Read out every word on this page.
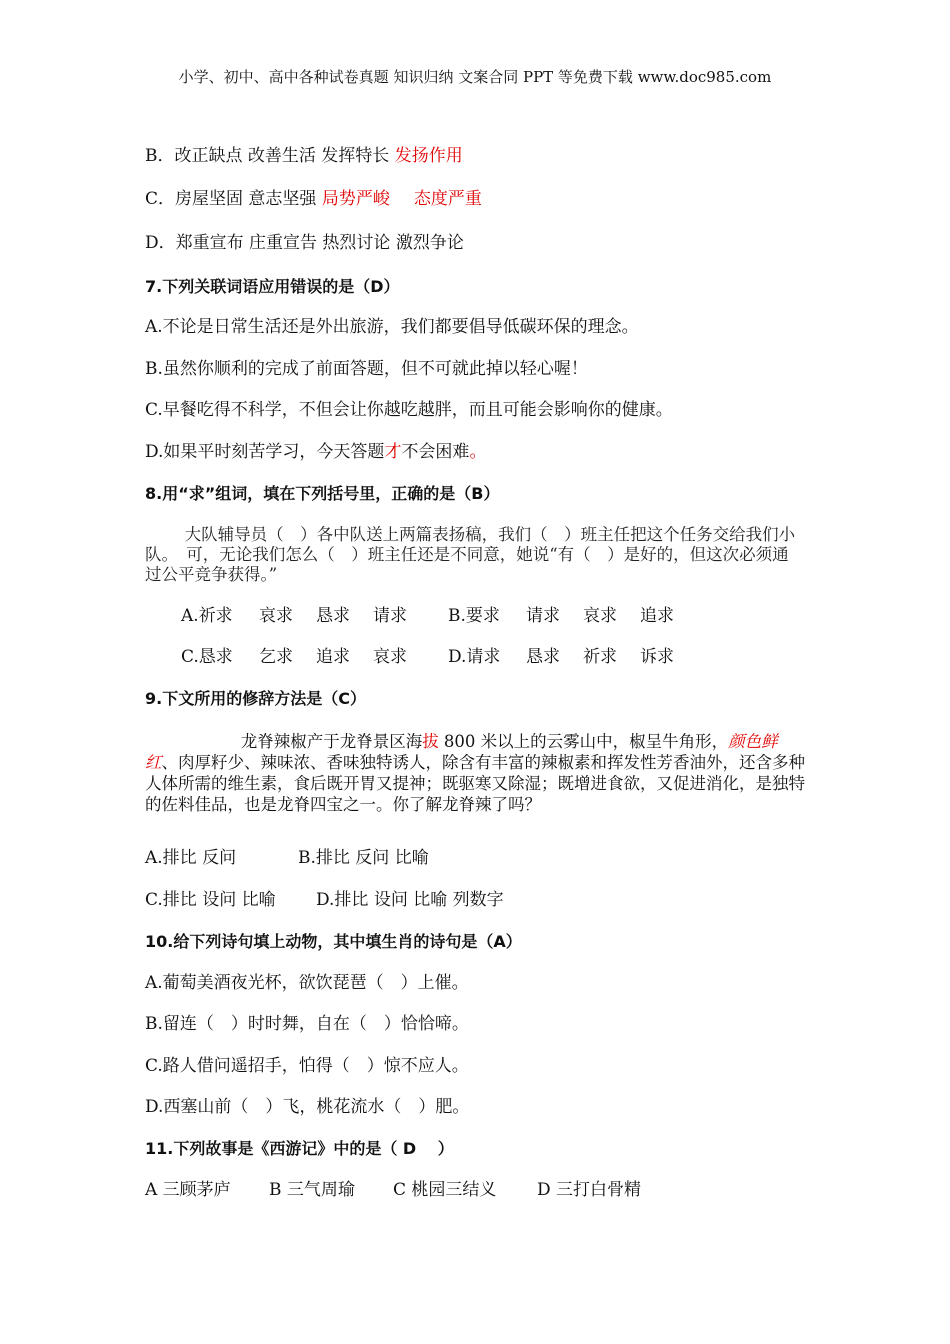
小学、初中、高中各种试卷真题 知识归纳 文案合同 PPT 等免费下载 www.doc985.com
B．改正缺点 改善生活 发挥特长 发扬作用
C．房屋坚固 意志坚强 局势严峻 态度严重
D．郑重宣布 庄重宣告 热烈讨论 激烈争论
7.下列关联词语应用错误的是（D）
A.不论是日常生活还是外出旅游，我们都要倡导低碳环保的理念。
B.虽然你顺利的完成了前面答题，但不可就此掉以轻心喔！
C.早餐吃得不科学，不但会让你越吃越胖，而且可能会影响你的健康。
D.如果平时刻苦学习，今天答题才不会困难。
8.用“求”组词，填在下列括号里，正确的是（B）

大队辅导员（　）各中队送上两篇表扬稿，我们（　）班主任把这个任务交给我们小队。　可，无论我们怎么（　）班主任还是不同意，她说“有（　）是好的，但这次必须通过公平竞争获得。”

A.祈求 哀求 恳求 请求 B.要求 请求 哀求 追求
C.恳求 乞求 追求 哀求 D.请求 恳求 祈求 诉求
9.下文所用的修辞方法是（C）

龙脊辣椒产于龙脊景区海拔 800 米以上的云雾山中，椒呈牛角形，颜色鲜红、肉厚籽少、辣味浓、香味独特诱人，除含有丰富的辣椒素和挥发性芳香油外，还含多种人体所需的维生素，食后既开胃又提神；既驱寒又除湿；既增进食欲，又促进消化，是独特的佐料佳品，也是龙脊四宝之一。你了解龙脊辣了吗？

A.排比 反问	B.排比 反问 比喻
C.排比 设问 比喻 D.排比 设问 比喻 列数字
10.给下列诗句填上动物，其中填生肖的诗句是（A）
A.葡萄美酒夜光杯，欲饮琵琶（　）上催。
B.留连（　）时时舞，自在（　）恰恰啼。
C.路人借问遥招手，怕得（　）惊不应人。
D.西塞山前（　）飞，桃花流水（　）肥。
11.下列故事是《西游记》中的是（ D　 ）
A 三顾茅庐 B 三气周瑜 C 桃园三结义 D 三打白骨精
